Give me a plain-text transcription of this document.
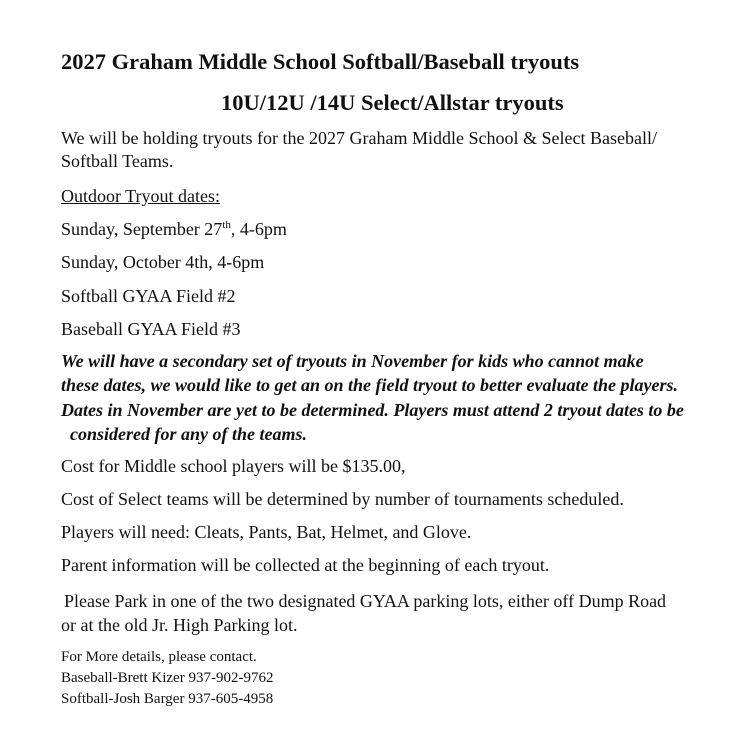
2027 Graham Middle School Softball/Baseball tryouts
10U/12U /14U Select/Allstar tryouts
We will be holding tryouts for the 2027 Graham Middle School & Select Baseball/
Softball Teams.
Outdoor Tryout dates:
Sunday, September 27th, 4-6pm
Sunday, October 4th, 4-6pm
Softball GYAA Field #2
Baseball GYAA Field #3
We will have a secondary set of tryouts in November for kids who cannot make
these dates, we would like to get an on the field tryout to better evaluate the players.
Dates in November are yet to be determined. Players must attend 2 tryout dates to be
considered for any of the teams.
Cost for Middle school players will be $135.00,
Cost of Select teams will be determined by number of tournaments scheduled.
Players will need: Cleats, Pants, Bat, Helmet, and Glove.
Parent information will be collected at the beginning of each tryout.
Please Park in one of the two designated GYAA parking lots, either off Dump Road
or at the old Jr. High Parking lot.
For More details, please contact.
Baseball-Brett Kizer 937-902-9762
Softball-Josh Barger 937-605-4958
